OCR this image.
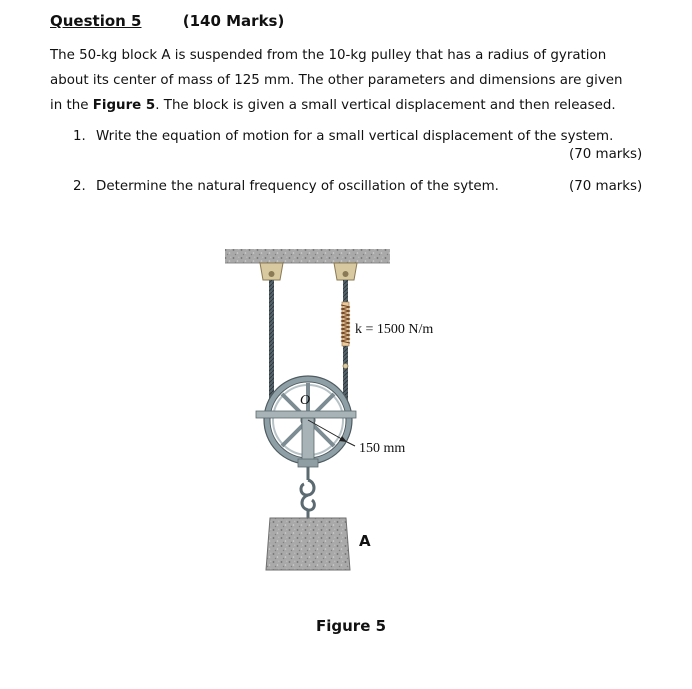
Question 5	(140 Marks)
The 50-kg block A is suspended from the 10-kg pulley that has a radius of gyration
about its center of mass of 125 mm. The other parameters and dimensions are given
in the Figure 5. The block is given a small vertical displacement and then released.
1. Write the equation of motion for a small vertical displacement of the system.
(70 marks)
2. Determine the natural frequency of oscillation of the sytem.	(70 marks)
k = 1500 N/m
O
150 mm
A
Figure 5
